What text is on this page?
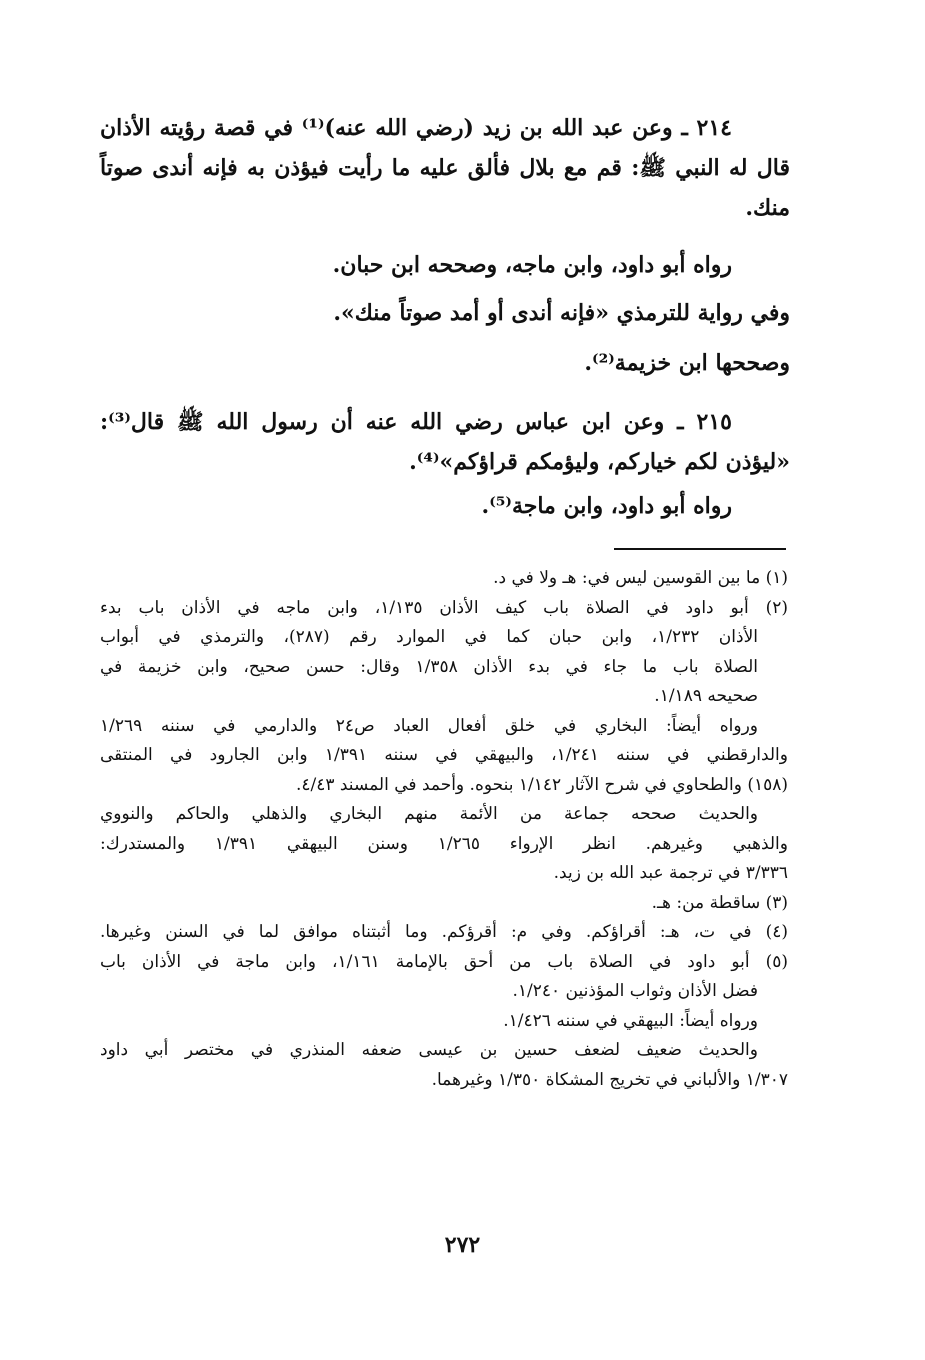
٢١٤ ـ وعن عبد الله بن زيد (رضي الله عنه)⁽¹⁾ في قصة رؤيته الأذان
قال له النبي ﷺ: قم مع بلال فألق عليه ما رأيت فيؤذن به فإنه أندى صوتاً
منك.
رواه أبو داود، وابن ماجه، وصححه ابن حبان.
وفي رواية للترمذي «فإنه أندى أو أمد صوتاً منك».
وصححها ابن خزيمة⁽²⁾.
٢١٥ ـ وعن ابن عباس رضي الله عنه أن رسول الله ﷺ قال⁽³⁾:
«ليؤذن لكم خياركم، وليؤمكم قراؤكم»⁽⁴⁾.
رواه أبو داود، وابن ماجة⁽⁵⁾.
(١) ما بين القوسين ليس في: هـ ولا في د.
(٢) أبو داود في الصلاة باب كيف الأذان ١/١٣٥، وابن ماجه في الأذان باب بدء
الأذان ١/٢٣٢، وابن حبان كما في الموارد رقم (٢٨٧)، والترمذي في أبواب
الصلاة باب ما جاء في بدء الأذان ١/٣٥٨ وقال: حسن صحيح، وابن خزيمة في
صحيحه ١/١٨٩.
ورواه أيضاً: البخاري في خلق أفعال العباد ص٢٤ والدارمي في سننه ١/٢٦٩
والدارقطني في سننه ١/٢٤١، والبيهقي في سننه ١/٣٩١ وابن الجارود في المنتقى
(١٥٨) والطحاوي في شرح الآثار ١/١٤٢ بنحوه. وأحمد في المسند ٤/٤٣.
والحديث صححه جماعة من الأئمة منهم البخاري والذهلي والحاكم والنووي
والذهبي وغيرهم. انظر الإرواء ١/٢٦٥ وسنن البيهقي ١/٣٩١ والمستدرك:
٣/٣٣٦ في ترجمة عبد الله بن زيد.
(٣) ساقطة من: هـ.
(٤) في ت، هـ: أقراؤكم. وفي م: أقرؤكم. وما أثبتناه موافق لما في السنن وغيرها.
(٥) أبو داود في الصلاة باب من أحق بالإمامة ١/١٦١، وابن ماجة في الأذان باب
فضل الأذان وثواب المؤذنين ١/٢٤٠.
ورواه أيضاً: البيهقي في سننه ١/٤٢٦.
والحديث ضعيف لضعف حسين بن عيسى ضعفه المنذري في مختصر أبي داود
١/٣٠٧ والألباني في تخريج المشكاة ١/٣٥٠ وغيرهما.
٢٧٢
